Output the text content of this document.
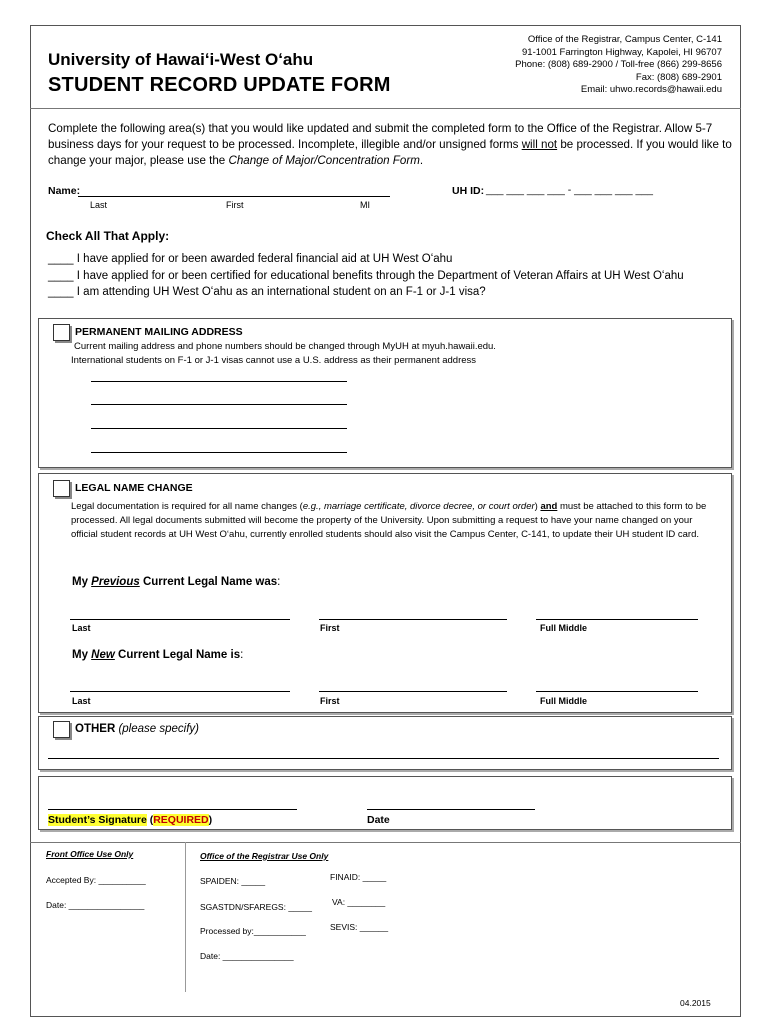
University of Hawaiʻi-West Oʻahu
STUDENT RECORD UPDATE FORM
Office of the Registrar, Campus Center, C-141
91-1001 Farrington Highway, Kapolei, HI 96707
Phone: (808) 689-2900 / Toll-free (866) 299-8656
Fax: (808) 689-2901
Email: uhwo.records@hawaii.edu
Complete the following area(s) that you would like updated and submit the completed form to the Office of the Registrar. Allow 5-7 business days for your request to be processed. Incomplete, illegible and/or unsigned forms will not be processed. If you would like to change your major, please use the Change of Major/Concentration Form.
Name:
Last	First	MI
UH ID: ___ ___ ___ ___ - ___ ___ ___ ___
Check All That Apply:
____ I have applied for or been awarded federal financial aid at UH West Oʻahu
____ I have applied for or been certified for educational benefits through the Department of Veteran Affairs at UH West Oʻahu
____ I am attending UH West Oʻahu as an international student on an F-1 or J-1 visa?
PERMANENT MAILING ADDRESS
Current mailing address and phone numbers should be changed through MyUH at myuh.hawaii.edu.
International students on F-1 or J-1 visas cannot use a U.S. address as their permanent address
LEGAL NAME CHANGE
Legal documentation is required for all name changes (e.g., marriage certificate, divorce decree, or court order) and must be attached to this form to be processed. All legal documents submitted will become the property of the University. Upon submitting a request to have your name changed on your official student records at UH West Oʻahu, currently enrolled students should also visit the Campus Center, C-141, to update their UH student ID card.
My Previous Current Legal Name was:
Last	First	Full Middle
My New Current Legal Name is:
Last	First	Full Middle
OTHER (please specify)
Student’s Signature (REQUIRED)	Date
Front Office Use Only	Office of the Registrar Use Only
Accepted By: __________
Date: ________________
SPAIDEN: _____	FINAID: _____
SGASTDN/SFAREGS: _____ VA: ________
Processed by:___________	SEVIS: ______
Date: _______________
04.2015
